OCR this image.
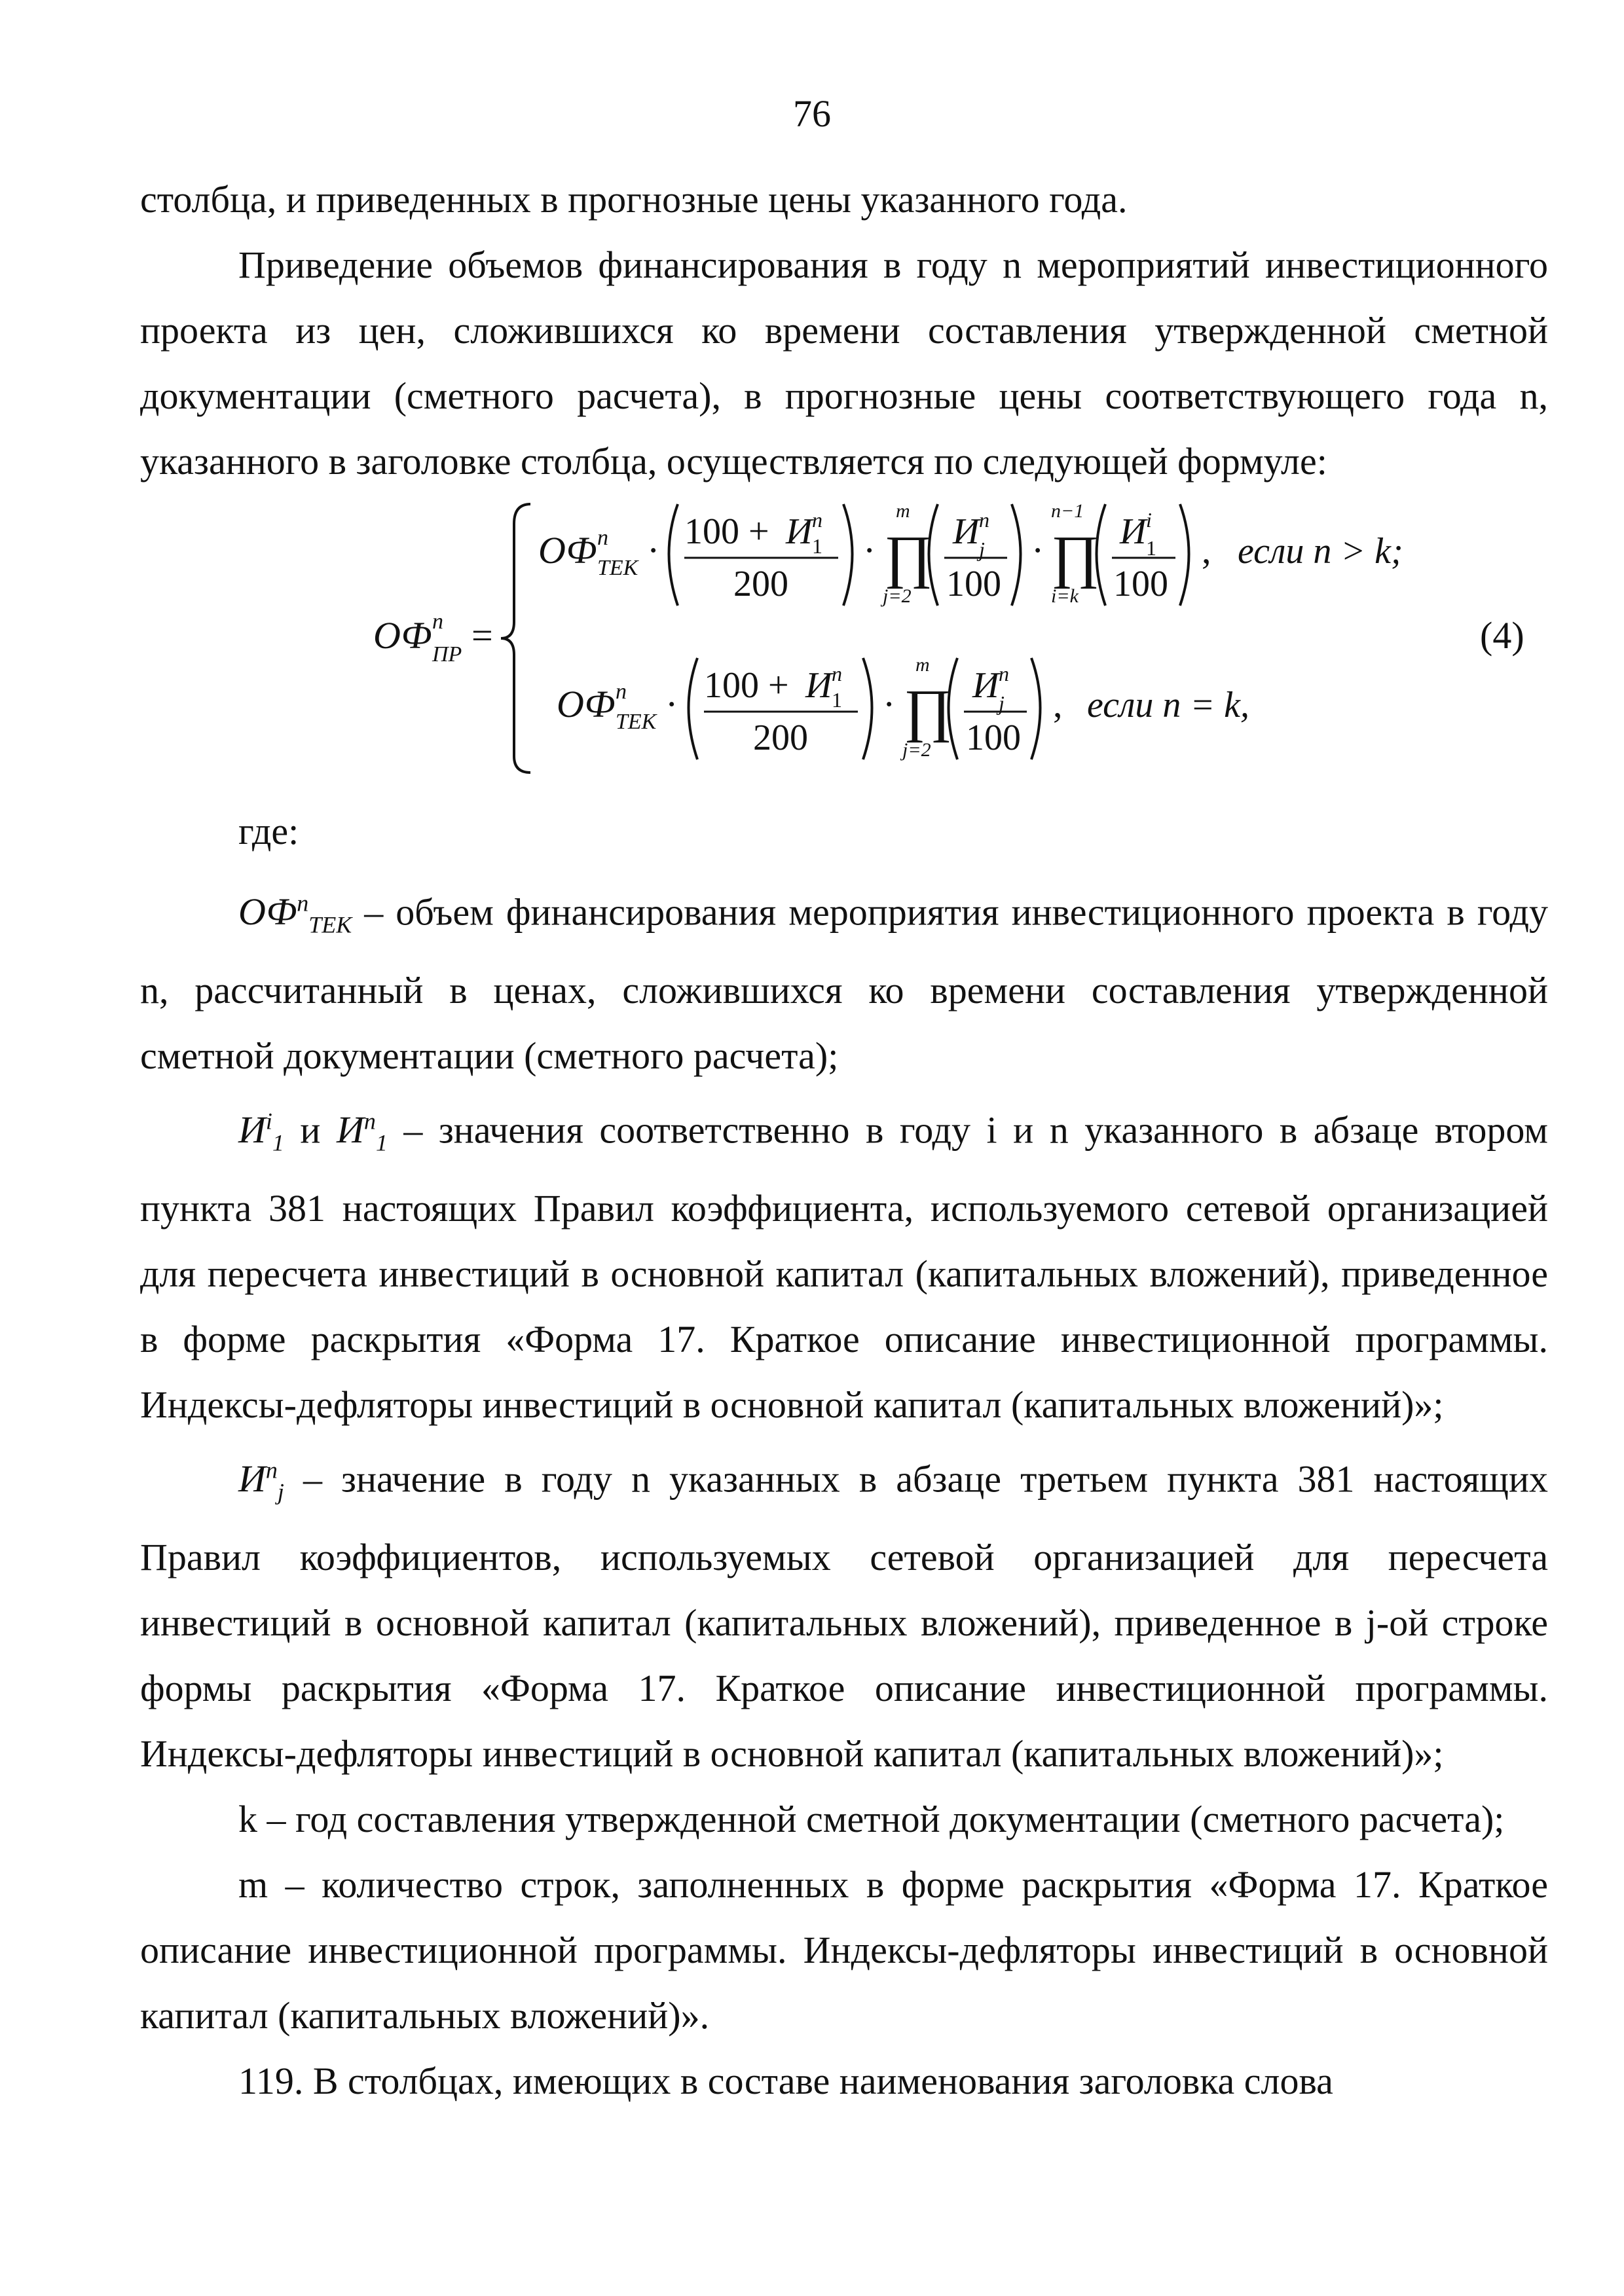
76

столбца, и приведенных в прогнозные цены указанного года.

Приведение объемов финансирования в году n мероприятий инвестиционного проекта из цен, сложившихся ко времени составления утвержденной сметной документации (сметного расчета), в прогнозные цены соответствующего года n, указанного в заголовке столбца, осуществляется по следующей формуле:

ОФ n
ПР =
ОФ n
ТЕК · 100 + И n
1
200
·
m
∏
j=2
И n
j
100
·
n−1
∏
i=k
И i
1
100
, если n > k;
ОФ n
ТЕК · 100 + И n
1
200
·
m
∏
j=2
И n
j
100
, если n = k,
(4)

где:

$ОФ^n_{ТЕК}$ – объем финансирования мероприятия инвестиционного проекта в году n, рассчитанный в ценах, сложившихся ко времени составления утвержденной сметной документации (сметного расчета);

$И^i_1$ и $И^n_1$ – значения соответственно в году i и n указанного в абзаце втором пункта 381 настоящих Правил коэффициента, используемого сетевой организацией для пересчета инвестиций в основной капитал (капитальных вложений), приведенное в форме раскрытия «Форма 17. Краткое описание инвестиционной программы. Индексы-дефляторы инвестиций в основной капитал (капитальных вложений)»;

$И^n_j$ – значение в году n указанных в абзаце третьем пункта 381 настоящих Правил коэффициентов, используемых сетевой организацией для пересчета инвестиций в основной капитал (капитальных вложений), приведенное в j-ой строке формы раскрытия «Форма 17. Краткое описание инвестиционной программы. Индексы-дефляторы инвестиций в основной капитал (капитальных вложений)»;

k – год составления утвержденной сметной документации (сметного расчета);

m – количество строк, заполненных в форме раскрытия «Форма 17. Краткое описание инвестиционной программы. Индексы-дефляторы инвестиций в основной капитал (капитальных вложений)».

119. В столбцах, имеющих в составе наименования заголовка слова
